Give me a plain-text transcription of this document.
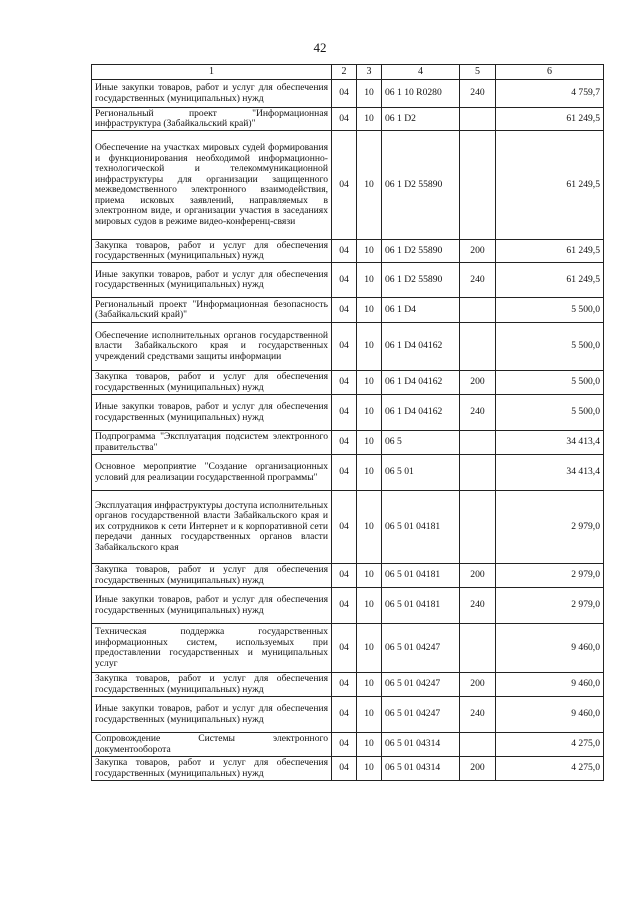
42
1	2	3	4	5	6
Иные закупки товаров, работ и услуг для обеспечения государственных (муниципальных) нужд	04	10	06 1 10 R0280	240	4 759,7
Региональный проект "Информационная инфраструктура (Забайкальский край)"	04	10	06 1 D2		61 249,5
Обеспечение на участках мировых судей формирования и функционирования необходимой информационно-технологической и телекоммуникационной инфраструктуры для организации защищенного межведомственного электронного взаимодействия, приема исковых заявлений, направляемых в электронном виде, и организации участия в заседаниях мировых судов в режиме видео-конференц-связи	04	10	06 1 D2 55890		61 249,5
Закупка товаров, работ и услуг для обеспечения государственных (муниципальных) нужд	04	10	06 1 D2 55890	200	61 249,5
Иные закупки товаров, работ и услуг для обеспечения государственных (муниципальных) нужд	04	10	06 1 D2 55890	240	61 249,5
Региональный проект "Информационная безопасность (Забайкальский край)"	04	10	06 1 D4		5 500,0
Обеспечение исполнительных органов государственной власти Забайкальского края и государственных учреждений средствами защиты информации	04	10	06 1 D4 04162		5 500,0
Закупка товаров, работ и услуг для обеспечения государственных (муниципальных) нужд	04	10	06 1 D4 04162	200	5 500,0
Иные закупки товаров, работ и услуг для обеспечения государственных (муниципальных) нужд	04	10	06 1 D4 04162	240	5 500,0
Подпрограмма "Эксплуатация подсистем электронного правительства"	04	10	06 5		34 413,4
Основное мероприятие "Создание организационных условий для реализации государственной программы"	04	10	06 5 01		34 413,4
Эксплуатация инфраструктуры доступа исполнительных органов государственной власти Забайкальского края и их сотрудников к сети Интернет и к корпоративной сети передачи данных государственных органов власти Забайкальского края	04	10	06 5 01 04181		2 979,0
Закупка товаров, работ и услуг для обеспечения государственных (муниципальных) нужд	04	10	06 5 01 04181	200	2 979,0
Иные закупки товаров, работ и услуг для обеспечения государственных (муниципальных) нужд	04	10	06 5 01 04181	240	2 979,0
Техническая поддержка государственных информационных систем, используемых при предоставлении государственных и муниципальных услуг	04	10	06 5 01 04247		9 460,0
Закупка товаров, работ и услуг для обеспечения государственных (муниципальных) нужд	04	10	06 5 01 04247	200	9 460,0
Иные закупки товаров, работ и услуг для обеспечения государственных (муниципальных) нужд	04	10	06 5 01 04247	240	9 460,0
Сопровождение Системы электронного документооборота	04	10	06 5 01 04314		4 275,0
Закупка товаров, работ и услуг для обеспечения государственных (муниципальных) нужд	04	10	06 5 01 04314	200	4 275,0
